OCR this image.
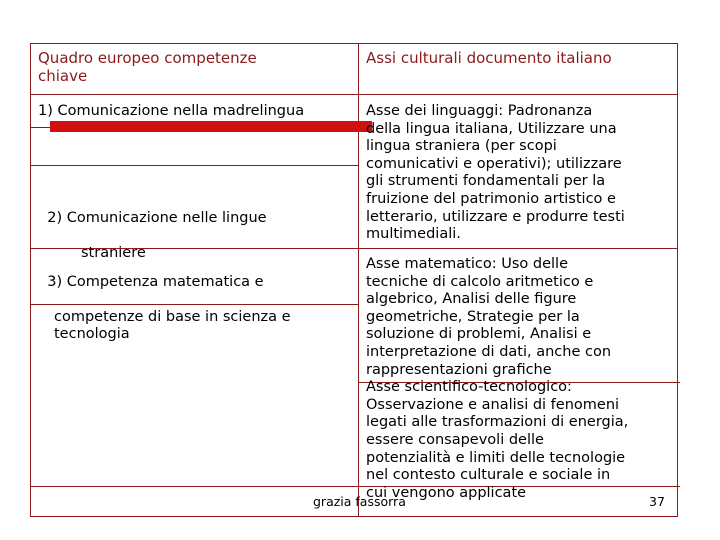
Quadro europeo competenze
chiave
Assi culturali documento italiano
1) Comunicazione nella madrelingua

2) Comunicazione nelle lingue

straniere

Asse dei linguaggi: Padronanza
della lingua italiana, Utilizzare una
lingua straniera (per scopi
comunicativi e operativi); utilizzare
gli strumenti fondamentali per la
fruizione del patrimonio artistico e
letterario, utilizzare e produrre testi
multimediali.

3) Competenza matematica e

competenze di base in scienza e
tecnologia

Asse matematico: Uso delle
tecniche di calcolo aritmetico e
algebrico, Analisi delle figure
geometriche, Strategie per la
soluzione di problemi, Analisi e
interpretazione di dati, anche con
rappresentazioni grafiche
Asse scientifico-tecnologico:
Osservazione e analisi di fenomeni
legati alle trasformazioni di energia,
essere consapevoli delle
potenzialità e limiti delle tecnologie
nel contesto culturale e sociale in
cui vengono applicate
grazia fassorra	37
